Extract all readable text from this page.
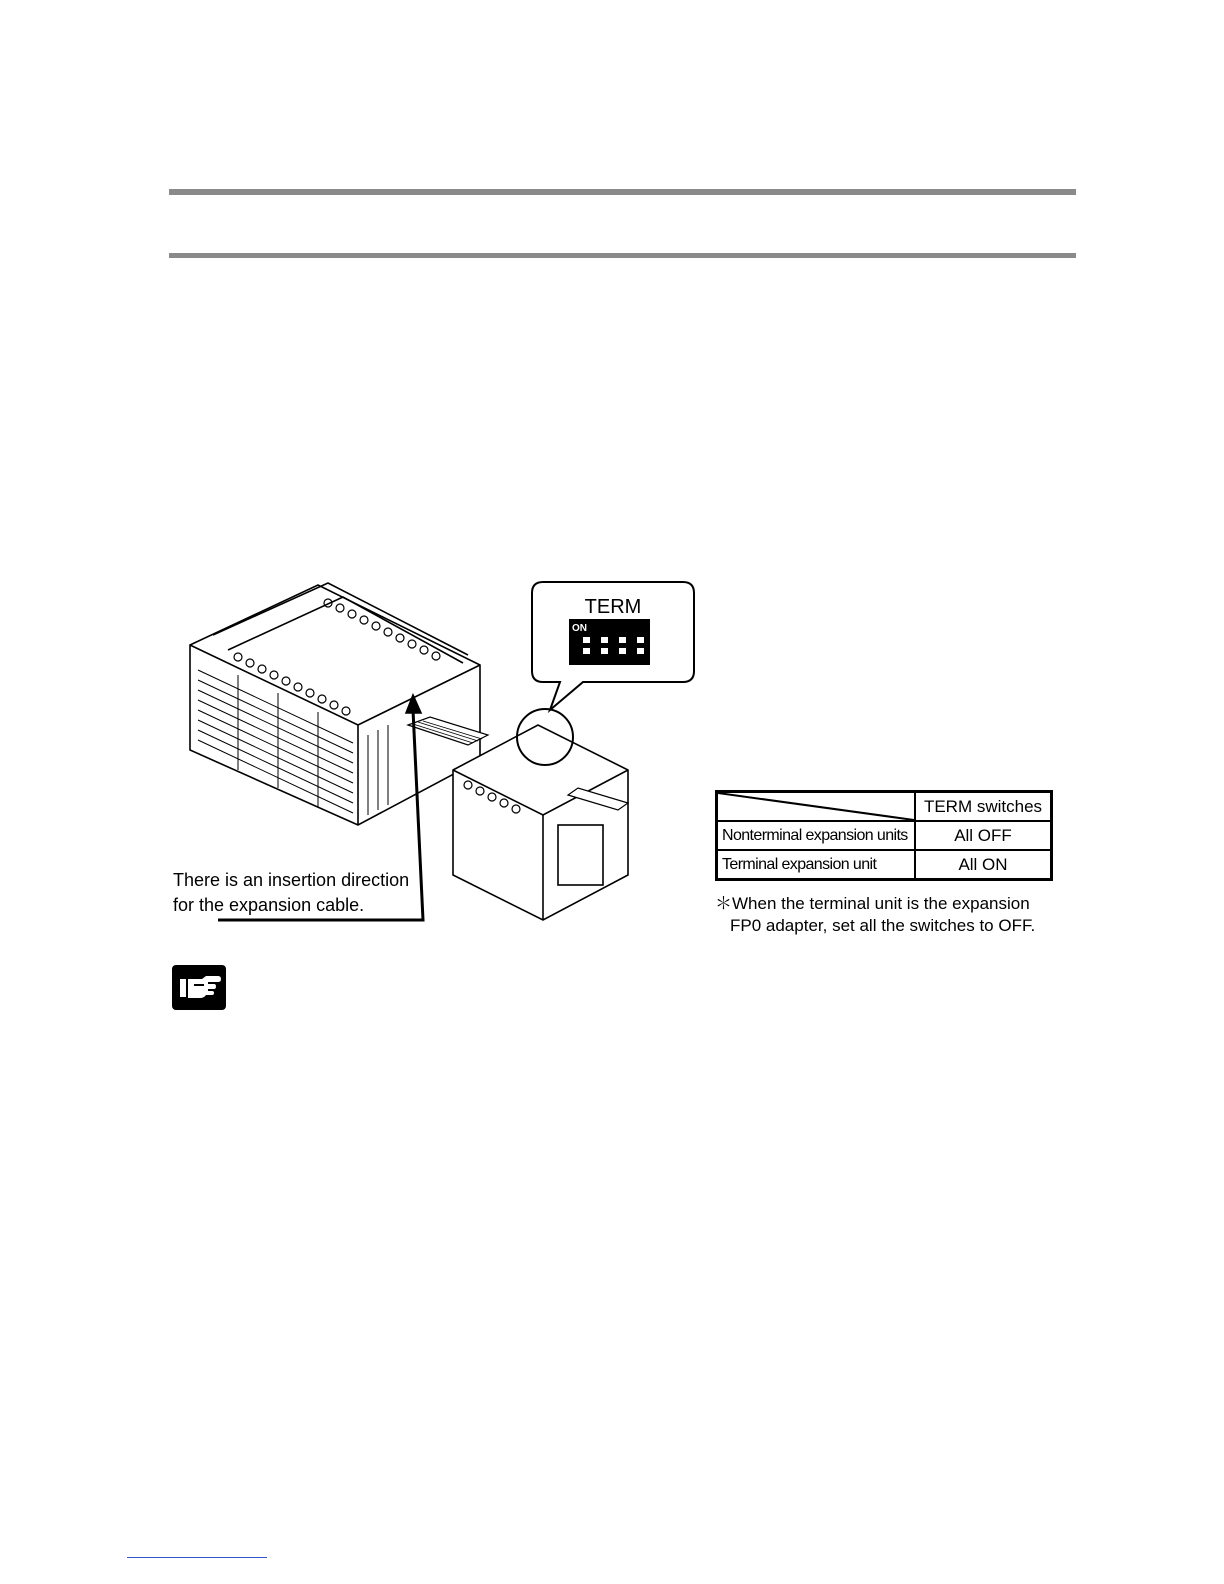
TERM
ON
There is an insertion direction
for the expansion cable.
	TERM switches
Nonterminal expansion units	All OFF
Terminal expansion unit	All ON
＊When the terminal unit is the expansion
FP0 adapter, set all the switches to OFF.
